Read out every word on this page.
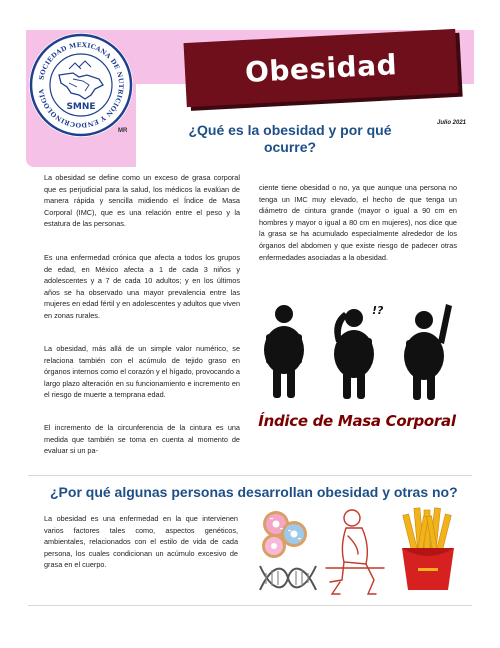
SOCIEDAD MEXICANA DE NUTRICIÓN Y ENDOCRINOLOGÍA
SMNE
MR
Obesidad
Julio 2021
¿Qué es la obesidad y por qué ocurre?

La obesidad se define como un exceso de grasa corporal que es perjudicial para la salud, los médicos la evalúan de manera rápida y sencilla midiendo el Índice de Masa Corporal (IMC), que es una relación entre el peso y la estatura de las personas.

Es una enfermedad crónica que afecta a todos los grupos de edad, en México afecta a 1 de cada 3 niños y adolescentes y a 7 de cada 10 adultos; y en los últimos años se ha observado una mayor prevalencia entre las mujeres en edad fértil y en adolescentes y adultos que viven en zonas rurales.

La obesidad, más allá de un simple valor numérico, se relaciona también con el acúmulo de tejido graso en órganos internos como el corazón y el hígado, provocando a largo plazo alteración en su funcionamiento e incremento en el riesgo de muerte a temprana edad.

El incremento de la circunferencia de la cintura es una medida que también se toma en cuenta al momento de evaluar si un pa-

ciente tiene obesidad o no, ya que aunque una persona no tenga un IMC muy elevado, el hecho de que tenga un diámetro de cintura grande (mayor o igual a 90 cm en hombres y mayor o igual a 80 cm en mujeres), nos dice que la grasa se ha acumulado especialmente alrededor de los órganos del abdomen y que existe riesgo de padecer otras enfermedades asociadas a la obesidad.

!?
Índice de Masa Corporal
¿Por qué algunas personas desarrollan obesidad y otras no?

La obesidad es una enfermedad en la que intervienen varios factores tales como, aspectos genéticos, ambientales, relacionados con el estilo de vida de cada persona, los cuales condicionan un acúmulo excesivo de grasa en el cuerpo.
